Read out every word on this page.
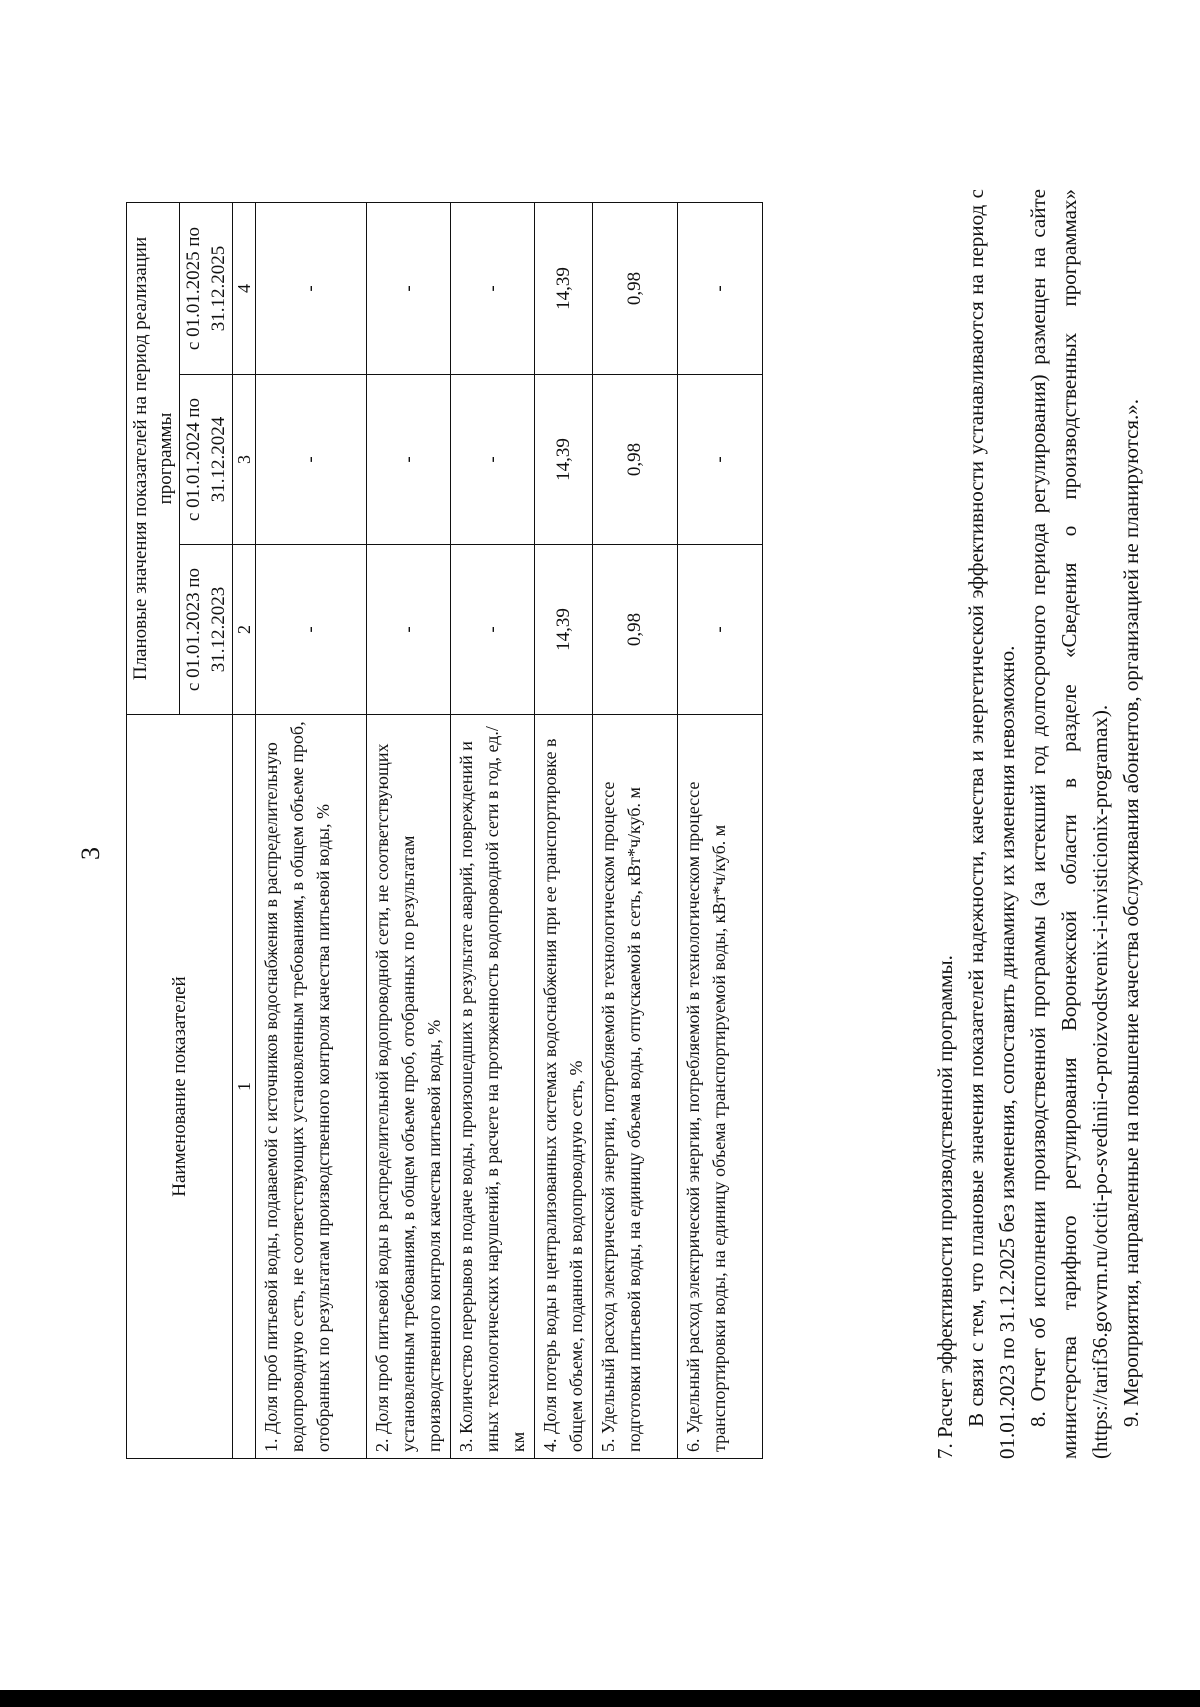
3
Наименование показателей	Плановые значения показателей на период реализации программы		
	с 01.01.2023 по 31.12.2023	с 01.01.2024 по 31.12.2024	с 01.01.2025 по 31.12.2025
1	2	3	4
1. Доля проб питьевой воды, подаваемой с источников водоснабжения в распределительную водопроводную сеть, не соответствующих установленным требованиям, в общем объеме проб, отобранных по результатам производственного контроля качества питьевой воды, %	-	-	-
2. Доля проб питьевой воды в распределительной водопроводной сети, не соответствующих установленным требованиям, в общем объеме проб, отобранных по результатам производственного контроля качества питьевой воды, %	-	-	-
3. Количество перерывов в подаче воды, произошедших в результате аварий, повреждений и иных технологических нарушений, в расчете на протяженность водопроводной сети в год, ед./км	-	-	-
4. Доля потерь воды в централизованных системах водоснабжения при ее транспортировке в общем объеме, поданной в водопроводную сеть, %	14,39	14,39	14,39
5. Удельный расход электрической энергии, потребляемой в технологическом процессе подготовки питьевой воды, на единицу объема воды, отпускаемой в сеть, кВт*ч/куб. м	0,98	0,98	0,98
6. Удельный расход электрической энергии, потребляемой в технологическом процессе транспортировки воды, на единицу объема транспортируемой воды, кВт*ч/куб. м	-	-	-

7. Расчет эффективности производственной программы. В связи с тем, что плановые значения показателей надежности, качества и энергетической эффективности устанавливаются на период с 01.01.2023 по 31.12.2025 без изменения, сопоставить динамику их изменения невозможно. 8. Отчет об исполнении производственной программы (за истекший год долгосрочного периода регулирования) размещен на сайте министерства тарифного регулирования Воронежской области в разделе «Сведения о производственных программах» (https://tarif36.govvrn.ru/otciti-po-svedinii-o-proizvodstvenix-i-invisticionix-programax). 9. Мероприятия, направленные на повышение качества обслуживания абонентов, организацией не планируются.».
